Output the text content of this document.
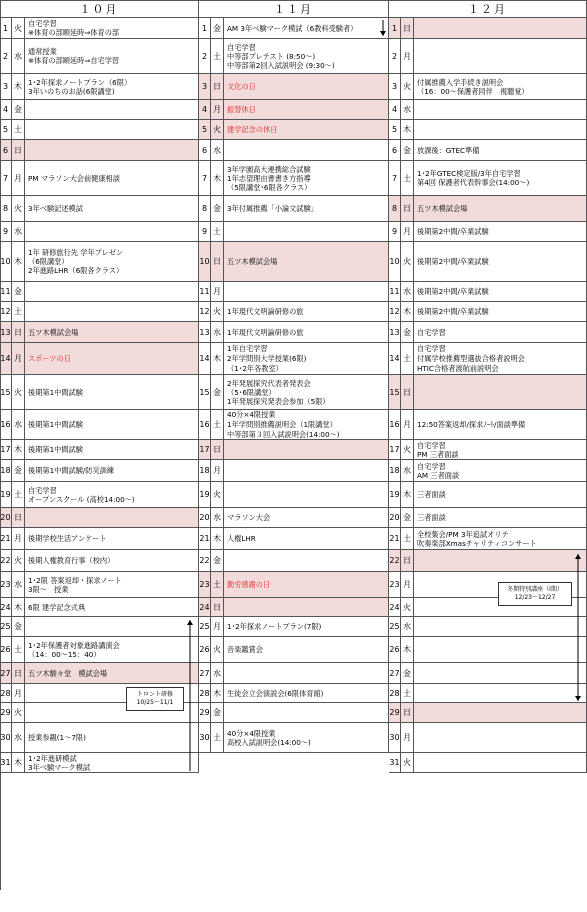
１０月
1 火 自宅学習
※体育の部順延時⇒体育の部
2 水 通常授業
※体育の部順延時⇒自宅学習
3 木 1･2年探求ノートプラン（6限）
3年いのちのお話(6限講堂)
4 金
5 土
6 日
7 月 PM マラソン大会前健康相談
8 火 3年ベ験記述模試
9 水
10 木
1年 研修旅行先 学年プレゼン
（6限講堂）
2年進路LHR（6限各クラス）
11 金
12 土
13 日 五ツ木模試会場
14 月 スポーツの日
15 火 後期第1中間試験
16 水 後期第1中間試験
17 木 後期第1中間試験
18 金 後期第1中間試験/防災訓練
19 土 自宅学習
オープンスクール (高校14:00～)
20 日
21 月 後期学校生活アンケート
22 火 後期人権教育行事（校内）
23 水 1･2限 答案返却・探求ノート
3限～　授業
24 木 6限 建学記念式典
25 金
26 土 1･2年保護者対象進路講演会
（14：00～15：40）
27 日 五ツ木駿々堂　模試会場
28 月
29 火
30 水 授業参観(1～7限)
31 木 1･2年進研模試
3年ベ験マーク模試
１１月
1 金 AM 3年ベ験マーク模試（6教科受験者）
2 土
自宅学習
中等部プレテスト (8:50～)
中等部第2回入試説明会 (9:30～)
3 日 文化の日
4 月 振替休日
5 火 建学記念の休日
6 水
7 木
3年学園高大連携総合試験
1年志望理由書書き方指導
（5限講堂･6限各クラス）
8 金 3年付属推薦「小論文試験」
9 土
10 日 五ツ木模試会場
11 月
12 火 1年現代文明論研修の旅
13 水 1年現代文明論研修の旅
14 木
1年自宅学習
2年学問別大学授業(6限)
（1･2年各教室）
15 金
2年発展探究代表者発表会
（5･6限講堂）
1年発展探究発表会参加（5限）
16 土
40分×4限授業
1年学問別推薦説明会（1限講堂）
中等部第３回入試説明会(14:00～)
17 日
18 月
19 火
20 水 マラソン大会
21 木 人権LHR
22 金
23 土 勤労感謝の日
24 日
25 月 1･2年探求ノートプラン(7限)
26 火 音楽鑑賞会
27 水
28 木 生徒会立会演説会(6限体育館)
29 金
30 土 40分×4限授業
高校入試説明会(14:00～)
１２月
1 日
2 月
3 火 付属推薦入学手続き説明会
（16：00～保護者同伴　視聴覚）
4 水
5 木
6 金 放課後：GTEC準備
7 土 1･2年GTEC検定版/3年自宅学習
第4回 保護者代表幹事会(14:00～)
8 日 五ツ木模試会場
9 月 後期第2中間/卒業試験
10 火 後期第2中間/卒業試験
11 水 後期第2中間/卒業試験
12 木 後期第2中間/卒業試験
13 金 自宅学習
14 土
自宅学習
付属学校推薦型選抜合格者説明会
HTIC合格者渡航前説明会
15 日
16 月 12:50答案返却/探求ﾉｰﾄ/面談準備
17 火 自宅学習
PM 三者面談
18 水 自宅学習
AM 三者面談
19 木 三者面談
20 金 三者面談
21 土 全校集会/PM 3年追試オリテ
吹奏楽部Xmasチャリティコンサート
22 日
23 月
24 火
25 水
26 木
27 金
28 土
29 日
30 月
31 火
トロント研修
10/25～11/1
冬期特別講座（Ⅰ期）
12/23～12/27
